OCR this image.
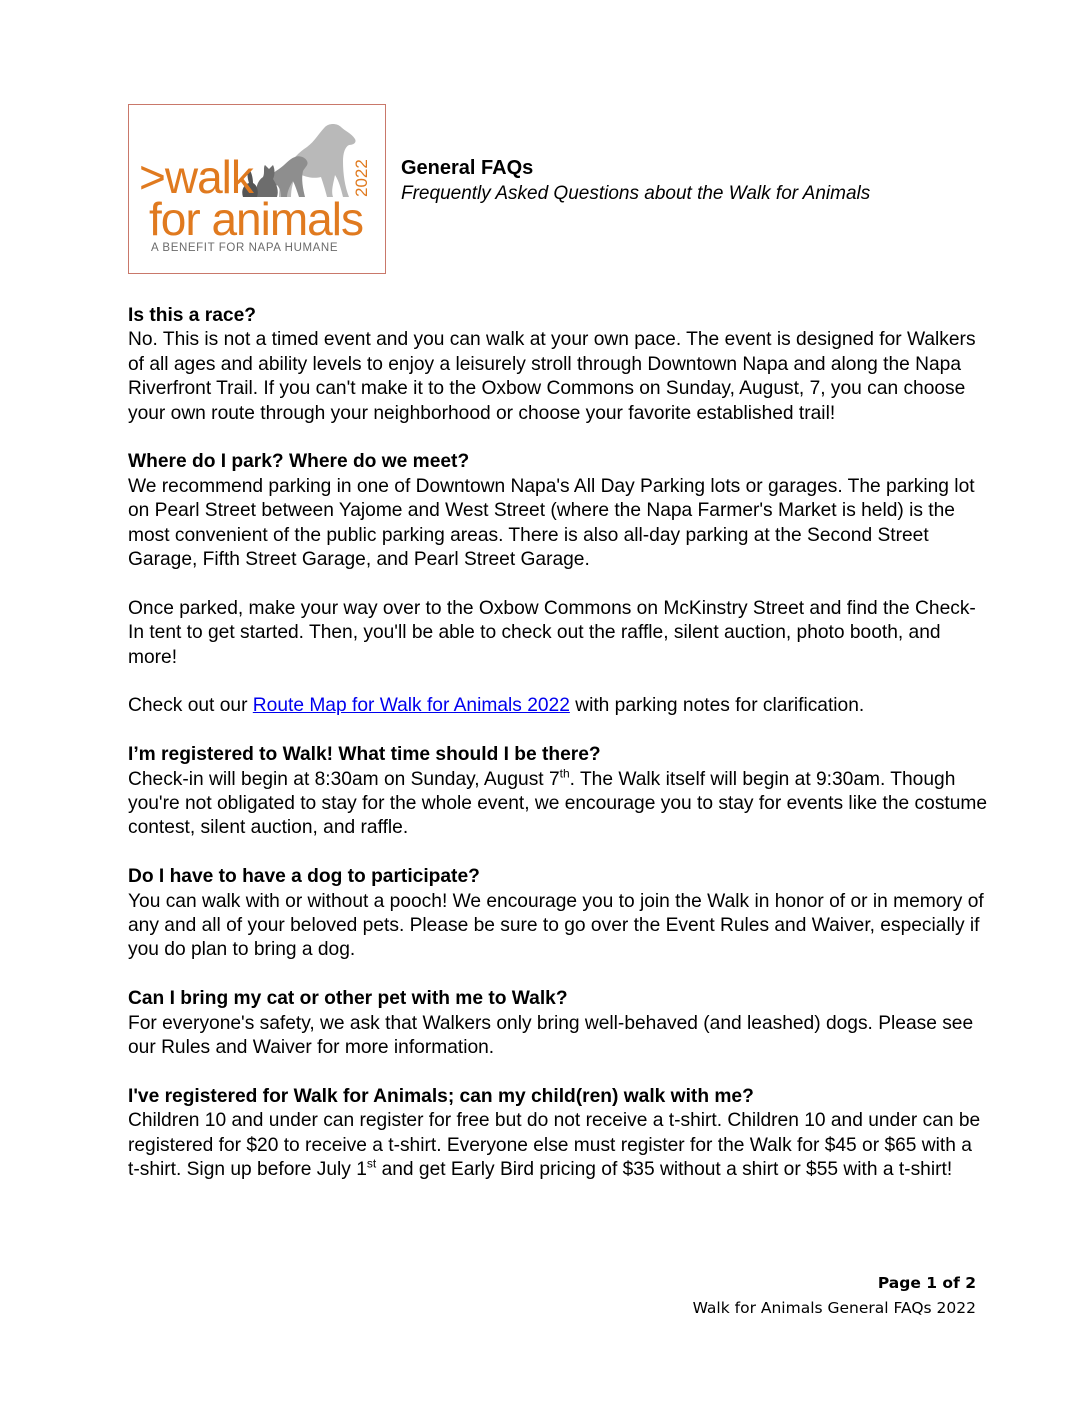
>walk
for animals
2022
A BENEFIT FOR NAPA HUMANE
General FAQs

Frequently Asked Questions about the Walk for Animals

Is this a race?
No. This is not a timed event and you can walk at your own pace. The event is designed for Walkers of all ages and ability levels to enjoy a leisurely stroll through Downtown Napa and along the Napa Riverfront Trail. If you can't make it to the Oxbow Commons on Sunday, August, 7, you can choose your own route through your neighborhood or choose your favorite established trail!

Where do I park? Where do we meet?
We recommend parking in one of Downtown Napa's All Day Parking lots or garages. The parking lot on Pearl Street between Yajome and West Street (where the Napa Farmer's Market is held) is the most convenient of the public parking areas. There is also all-day parking at the Second Street Garage, Fifth Street Garage, and Pearl Street Garage.

Once parked, make your way over to the Oxbow Commons on McKinstry Street and find the Check-In tent to get started. Then, you'll be able to check out the raffle, silent auction, photo booth, and more!

Check out our Route Map for Walk for Animals 2022 with parking notes for clarification.

I’m registered to Walk! What time should I be there?
Check-in will begin at 8:30am on Sunday, August 7th. The Walk itself will begin at 9:30am. Though you're not obligated to stay for the whole event, we encourage you to stay for events like the costume contest, silent auction, and raffle.

Do I have to have a dog to participate?
You can walk with or without a pooch! We encourage you to join the Walk in honor of or in memory of any and all of your beloved pets. Please be sure to go over the Event Rules and Waiver, especially if you do plan to bring a dog.

Can I bring my cat or other pet with me to Walk?
For everyone's safety, we ask that Walkers only bring well-behaved (and leashed) dogs. Please see our Rules and Waiver for more information.

I've registered for Walk for Animals; can my child(ren) walk with me?
Children 10 and under can register for free but do not receive a t-shirt. Children 10 and under can be registered for $20 to receive a t-shirt. Everyone else must register for the Walk for $45 or $65 with a t-shirt. Sign up before July 1st and get Early Bird pricing of $35 without a shirt or $55 with a t-shirt!

Page 1 of 2
Walk for Animals General FAQs 2022
